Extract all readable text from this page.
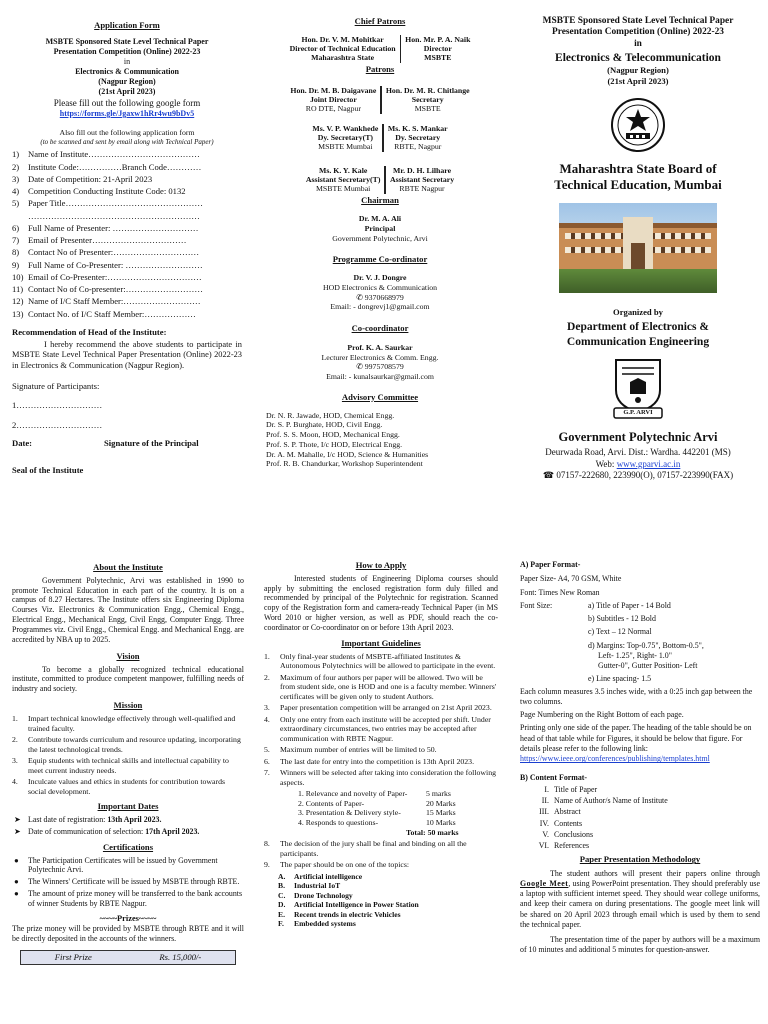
Application Form
MSBTE Sponsored State Level Technical Paper
Presentation Competition (Online) 2022-23
in
Electronics & Communication
(Nagpur Region)
(21st April 2023)
Please fill out the following google form
https://forms.gle/Jgaxw1hRr4wu9bDv5
Also fill out the following application form
(to be scanned and sent by email along with Technical Paper)
1)	Name of Institute…………………………………
2)	Institute Code:……………Branch Code…………
3)	Date of Competition: 21-April 2023
4)	Competition Conducting Institute Code: 0132
5)	Paper Title…………………………………………
……………………………………………………
6)	Full Name of Presenter: …………………………
7)	Email of Presenter……………………………
8)	Contact No of Presenter:…………………………
9)	Full Name of Co-Presenter: ………………………
10) Email of Co-Presenter:……………………………
11) Contact No of Co-presenter:………………………
12) Name of I/C Staff Member:………………………
13) Contact No. of I/C Staff Member:………………
Recommendation of Head of the Institute:
I hereby recommend the above students to participate in MSBTE State Level Technical Paper Presentation (Online) 2022-23 in Electronics & Communication (Nagpur Region).
Signature of Participants:
1…………………………
2…………………………
Date:	Signature of the Principal
Seal of the Institute
Chief Patrons
Hon. Dr. V. M. Mohitkar
Director of Technical Education
Maharashtra State
Hon. Mr. P. A. Naik
Director
MSBTE
Patrons
Hon. Dr. M. B. Daigavane
Joint Director
RO DTE, Nagpur
Hon. Dr. M. R. Chitlange
Secretary
MSBTE
Ms. V. P. Wankhede
Dy. Secretary(T)
MSBTE Mumbai
Ms. K. S. Mankar
Dy. Secretary
RBTE, Nagpur
Ms. K. Y. Kale
Assistant Secretary(T)
MSBTE Mumbai
Mr. D. H. Lilhare
Assistant Secretary
RBTE Nagpur
Chairman
Dr. M. A. Ali
Principal
Government Polytechnic, Arvi
Programme Co-ordinator
Dr. V. J. Dongre
HOD Electronics & Communication
✆ 9370668979
Email: - dongrevj1@gmail.com
Co-coordinator
Prof. K. A. Saurkar
Lecturer Electronics & Comm. Engg.
✆ 9975708579
Email: - kunalsaurkar@gmail.com
Advisory Committee
Dr. N. R. Jawade, HOD, Chemical Engg.
Dr. S. P. Burghate, HOD, Civil Engg.
Prof. S. S. Moon, HOD, Mechanical Engg.
Prof. S. P. Thote, I/c HOD, Electrical Engg.
Dr. A. M. Mahalle, I/c HOD, Science & Humanities
Prof. R. B. Chandurkar, Workshop Superintendent
MSBTE Sponsored State Level Technical Paper
Presentation Competition (Online) 2022-23
in
Electronics & Telecommunication
(Nagpur Region)
(21st April 2023)
Maharashtra State Board of
Technical Education, Mumbai
Organized by
Department of Electronics &
Communication Engineering
G.P. ARVI
Government Polytechnic Arvi
Deurwada Road, Arvi. Dist.: Wardha. 442201 (MS)
Web: www.gparvi.ac.in
☎ 07157-222680, 223990(O), 07157-223990(FAX)
About the Institute
Government Polytechnic, Arvi was established in 1990 to promote Technical Education in each part of the country. It is on a campus of 8.27 Hectares. The Institute offers six Engineering Diploma Courses Viz. Electronics & Communication Engg., Chemical Engg., Electrical Engg., Mechanical Engg, Civil Engg, Computer Engg. Three Programmes viz. Civil Engg., Chemical Engg. and Mechanical Engg. are accredited by NBA up to 2025.
Vision
To become a globally recognized technical educational institute, committed to produce competent manpower, fulfilling needs of industry and society.
Mission
1.	Impart technical knowledge effectively through well-qualified and trained faculty.
2.	Contribute towards curriculum and resource updating, incorporating the latest technological trends.
3.	Equip students with technical skills and intellectual capability to meet current industry needs.
4.	Inculcate values and ethics in students for contribution towards social development.
Important Dates
➤ Last date of registration: 13th April 2023.
➤ Date of communication of selection: 17th April 2023.
Certifications
● The Participation Certificates will be issued by Government Polytechnic Arvi.
● The Winners' Certificate will be issued by MSBTE through RBTE.
● The amount of prize money will be transferred to the bank accounts of winner Students by RBTE Nagpur.
~~~~Prizes~~~~
The prize money will be provided by MSBTE through RBTE and it will be directly deposited in the accounts of the winners.
First Prize	Rs. 15,000/-
How to Apply
Interested students of Engineering Diploma courses should apply by submitting the enclosed registration form duly filled and recommended by principal of the Polytechnic for registration. Scanned copy of the Registration form and camera-ready Technical Paper (in MS Word 2010 or higher version, as well as PDF, should reach the co-coordinator or Co-coordinator on or before 13th April 2023.
Important Guidelines
1.	Only final-year students of MSBTE-affiliated Institutes & Autonomous Polytechnics will be allowed to participate in the event.
2.	Maximum of four authors per paper will be allowed. Two will be from student side, one is HOD and one is a faculty member. Winners' certificates will be given only to student Authors.
3.	Paper presentation competition will be arranged on 21st April 2023.
4.	Only one entry from each institute will be accepted per shift. Under extraordinary circumstances, two entries may be accepted after communication with RBTE Nagpur.
5.	Maximum number of entries will be limited to 50.
6.	The last date for entry into the competition is 13th April 2023.
7.	Winners will be selected after taking into consideration the following aspects.
1. Relevance and novelty of Paper-	5 marks
2. Contents of Paper-	20 Marks
3. Presentation & Delivery style-	15 Marks
4. Responds to questions-	10 Marks
Total: 50 marks
8.	The decision of the jury shall be final and binding on all the participants.
9.	The paper should be on one of the topics:
A.	Artificial intelligence
B.	Industrial IoT
C.	Drone Technology
D.	Artificial Intelligence in Power Station
E.	Recent trends in electric Vehicles
F.	Embedded systems
A) Paper Format-
Paper Size- A4, 70 GSM, White
Font: Times New Roman
Font Size:	a) Title of Paper - 14 Bold
b) Subtitles - 12 Bold
c) Text – 12 Normal
d) Margins: Top-0.75", Bottom-0.5",
Left- 1.25", Right- 1.0"
Gutter-0", Gutter Position- Left
e) Line spacing- 1.5
Each column measures 3.5 inches wide, with a 0:25 inch gap between the two columns.
Page Numbering on the Right Bottom of each page.
Printing only one side of the paper. The heading of the table should be on head of that table while for Figures, it should be below that figure. For details please refer to the following link:
https://www.ieee.org/conferences/publishing/templates.html
B) Content Format-
I. Title of Paper
II. Name of Author/s Name of Institute
III. Abstract
IV. Contents
V. Conclusions
VI. References
Paper Presentation Methodology
The student authors will present their papers online through Google Meet, using PowerPoint presentation. They should preferably use a laptop with sufficient internet speed. They should wear college uniforms, and keep their camera on during presentations. The google meet link will be shared on 20 April 2023 through email which is used by them to send the technical paper.
The presentation time of the paper by authors will be a maximum of 10 minutes and additional 5 minutes for question-answer.
